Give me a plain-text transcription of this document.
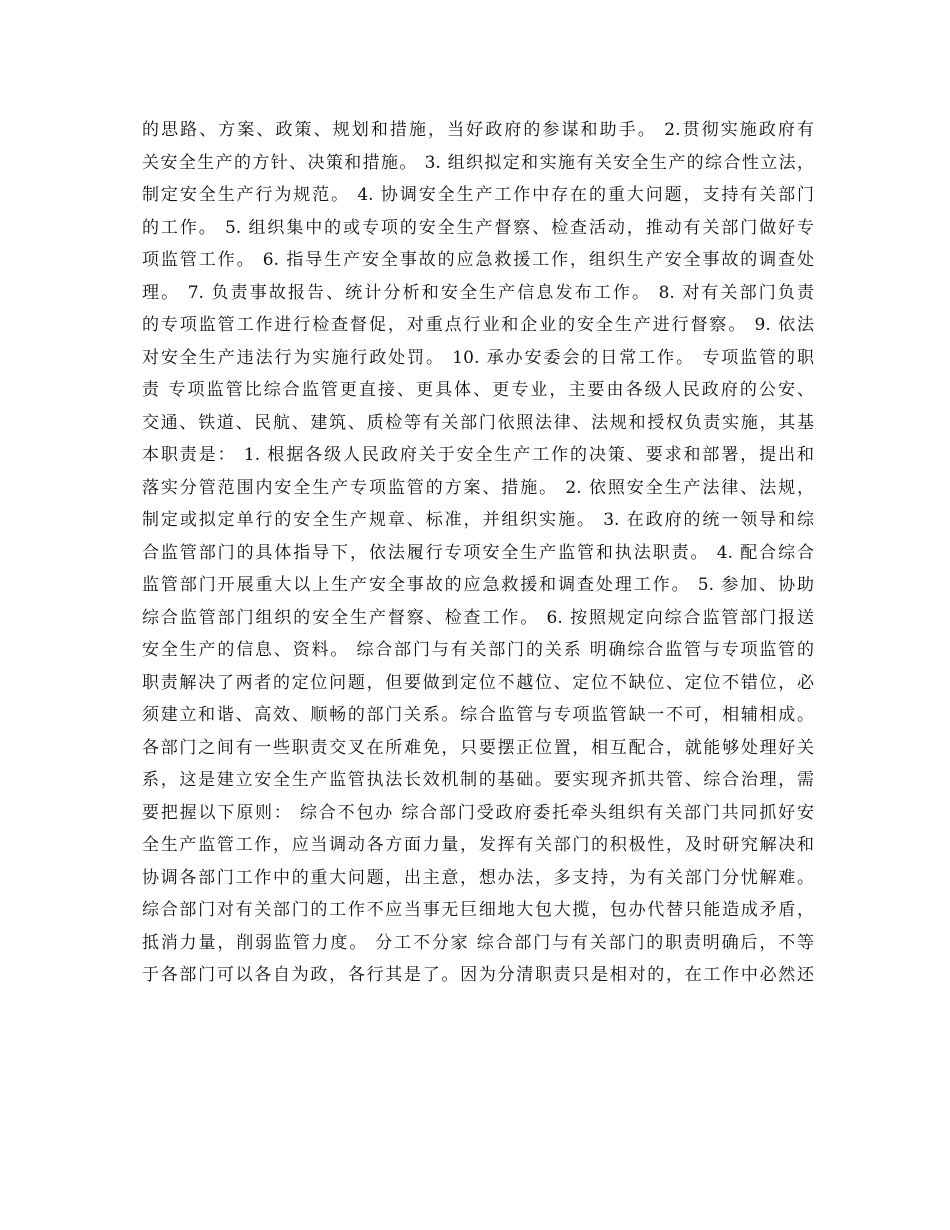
的思路、方案、政策、规划和措施，当好政府的参谋和助手。 2.贯彻实施政府有
关安全生产的方针、决策和措施。 3. 组织拟定和实施有关安全生产的综合性立法，
制定安全生产行为规范。 4. 协调安全生产工作中存在的重大问题，支持有关部门
的工作。 5. 组织集中的或专项的安全生产督察、检查活动，推动有关部门做好专
项监管工作。 6. 指导生产安全事故的应急救援工作，组织生产安全事故的调查处
理。 7. 负责事故报告、统计分析和安全生产信息发布工作。 8. 对有关部门负责
的专项监管工作进行检查督促，对重点行业和企业的安全生产进行督察。 9. 依法
对安全生产违法行为实施行政处罚。 10. 承办安委会的日常工作。 专项监管的职
责 专项监管比综合监管更直接、更具体、更专业，主要由各级人民政府的公安、
交通、铁道、民航、建筑、质检等有关部门依照法律、法规和授权负责实施，其基
本职责是： 1. 根据各级人民政府关于安全生产工作的决策、要求和部署，提出和
落实分管范围内安全生产专项监管的方案、措施。 2. 依照安全生产法律、法规，
制定或拟定单行的安全生产规章、标准，并组织实施。 3. 在政府的统一领导和综
合监管部门的具体指导下，依法履行专项安全生产监管和执法职责。 4. 配合综合
监管部门开展重大以上生产安全事故的应急救援和调查处理工作。 5. 参加、协助
综合监管部门组织的安全生产督察、检查工作。 6. 按照规定向综合监管部门报送
安全生产的信息、资料。 综合部门与有关部门的关系 明确综合监管与专项监管的
职责解决了两者的定位问题，但要做到定位不越位、定位不缺位、定位不错位，必
须建立和谐、高效、顺畅的部门关系。综合监管与专项监管缺一不可，相辅相成。
各部门之间有一些职责交叉在所难免，只要摆正位置，相互配合，就能够处理好关
系，这是建立安全生产监管执法长效机制的基础。要实现齐抓共管、综合治理，需
要把握以下原则： 综合不包办 综合部门受政府委托牵头组织有关部门共同抓好安
全生产监管工作，应当调动各方面力量，发挥有关部门的积极性，及时研究解决和
协调各部门工作中的重大问题，出主意，想办法，多支持，为有关部门分忧解难。
综合部门对有关部门的工作不应当事无巨细地大包大揽，包办代替只能造成矛盾，
抵消力量，削弱监管力度。 分工不分家 综合部门与有关部门的职责明确后，不等
于各部门可以各自为政，各行其是了。因为分清职责只是相对的，在工作中必然还
